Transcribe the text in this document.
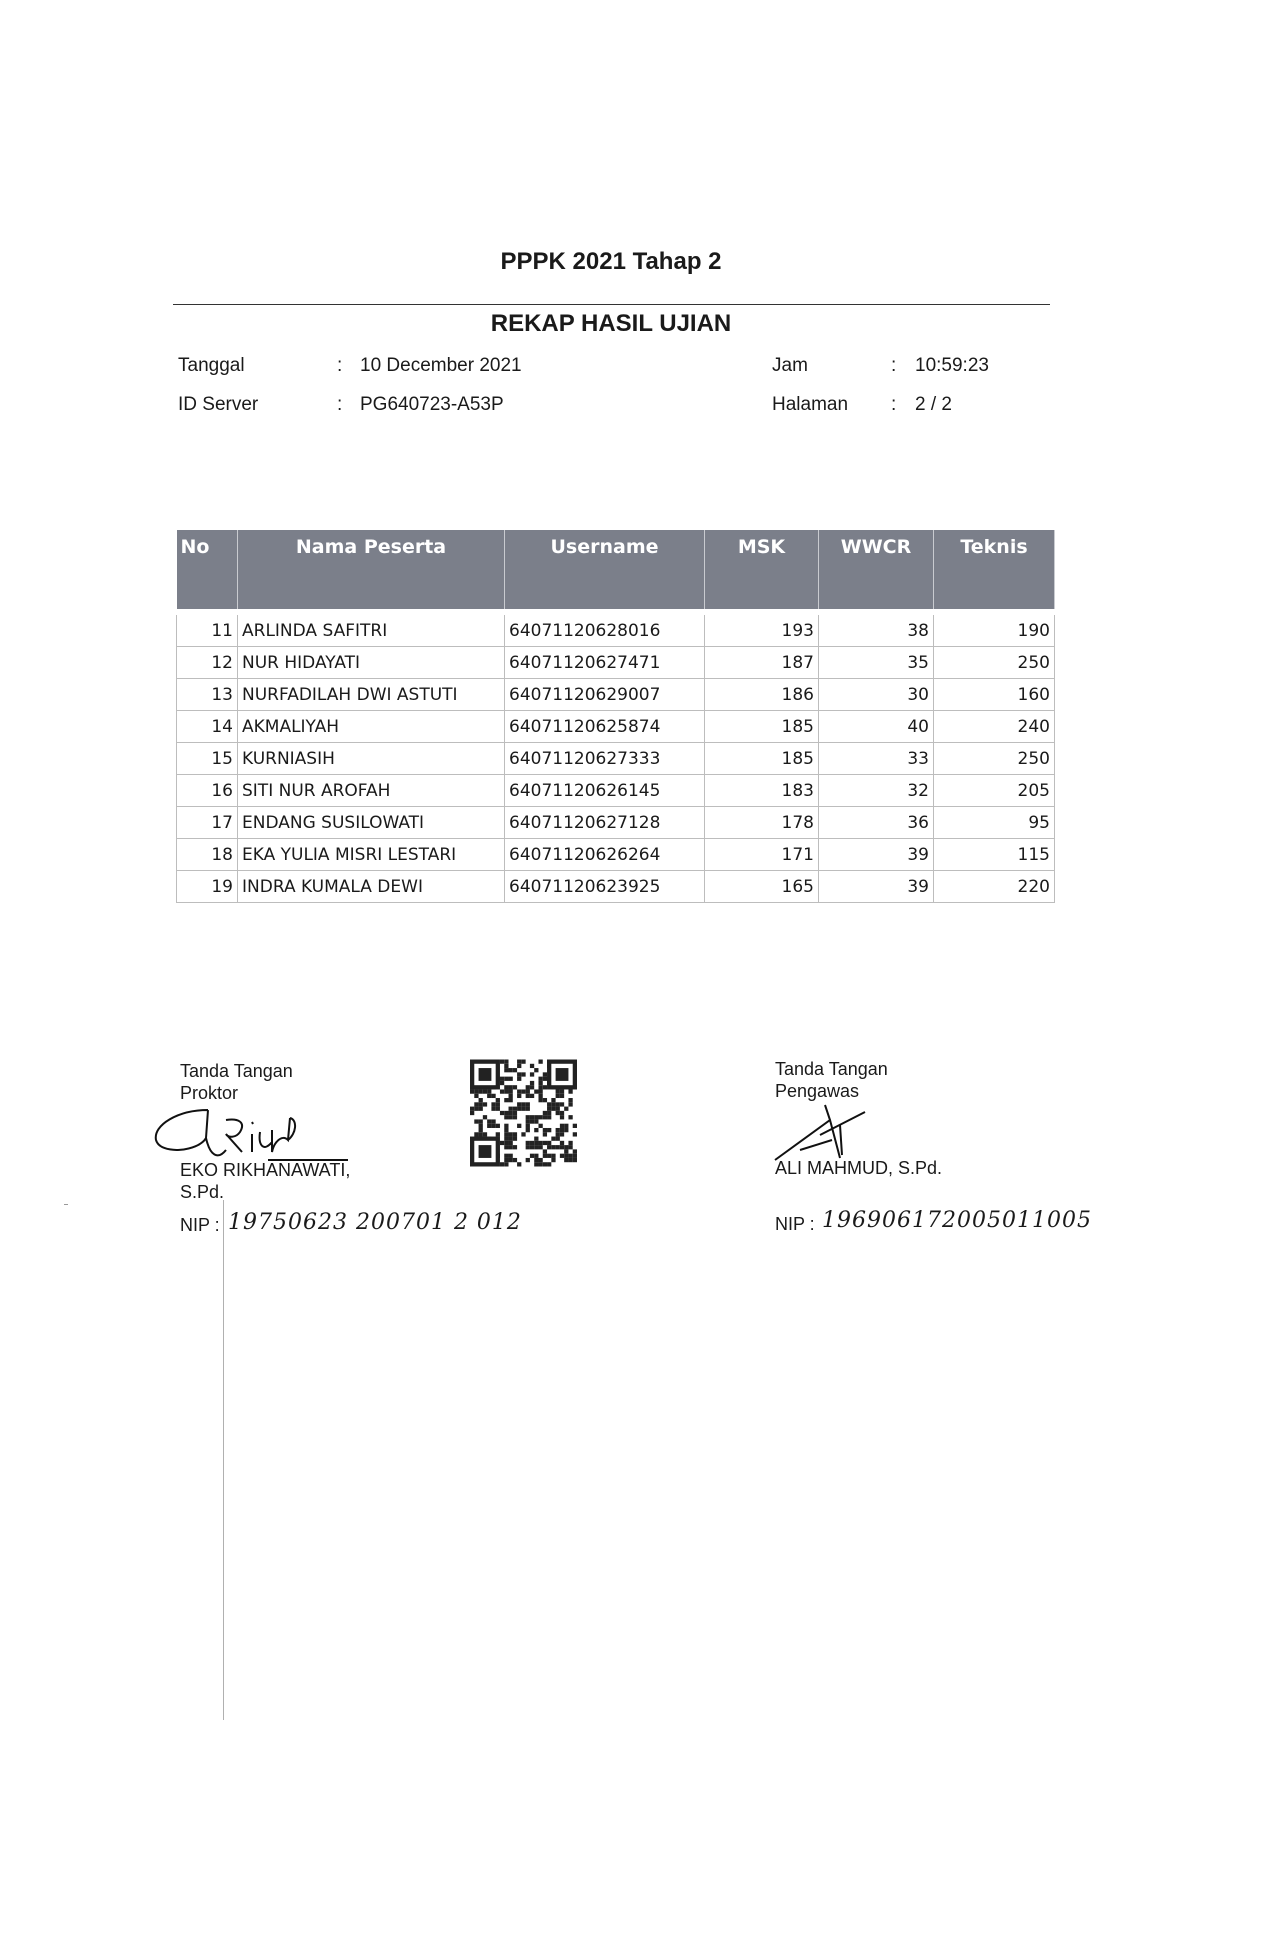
PPPK 2021 Tahap 2
REKAP HASIL UJIAN
Tanggal	: 10 December 2021	Jam	: 10:59:23
ID Server	: PG640723-A53P	Halaman : 2 / 2
No	Nama Peserta	Username	MSK	WWCR	Teknis
11	ARLINDA SAFITRI	64071120628016	193	38	190
12	NUR HIDAYATI	64071120627471	187	35	250
13	NURFADILAH DWI ASTUTI	64071120629007	186	30	160
14	AKMALIYAH	64071120625874	185	40	240
15	KURNIASIH	64071120627333	185	33	250
16	SITI NUR AROFAH	64071120626145	183	32	205
17	ENDANG SUSILOWATI	64071120627128	178	36	95
18	EKA YULIA MISRI LESTARI	64071120626264	171	39	115
19	INDRA KUMALA DEWI	64071120623925	165	39	220
Tanda Tangan
Proktor
EKO RIKHANAWATI,
S.Pd.
NIP : 19750623 200701 2 012
Tanda Tangan
Pengawas
ALI MAHMUD, S.Pd.
NIP : 196906172005011005
